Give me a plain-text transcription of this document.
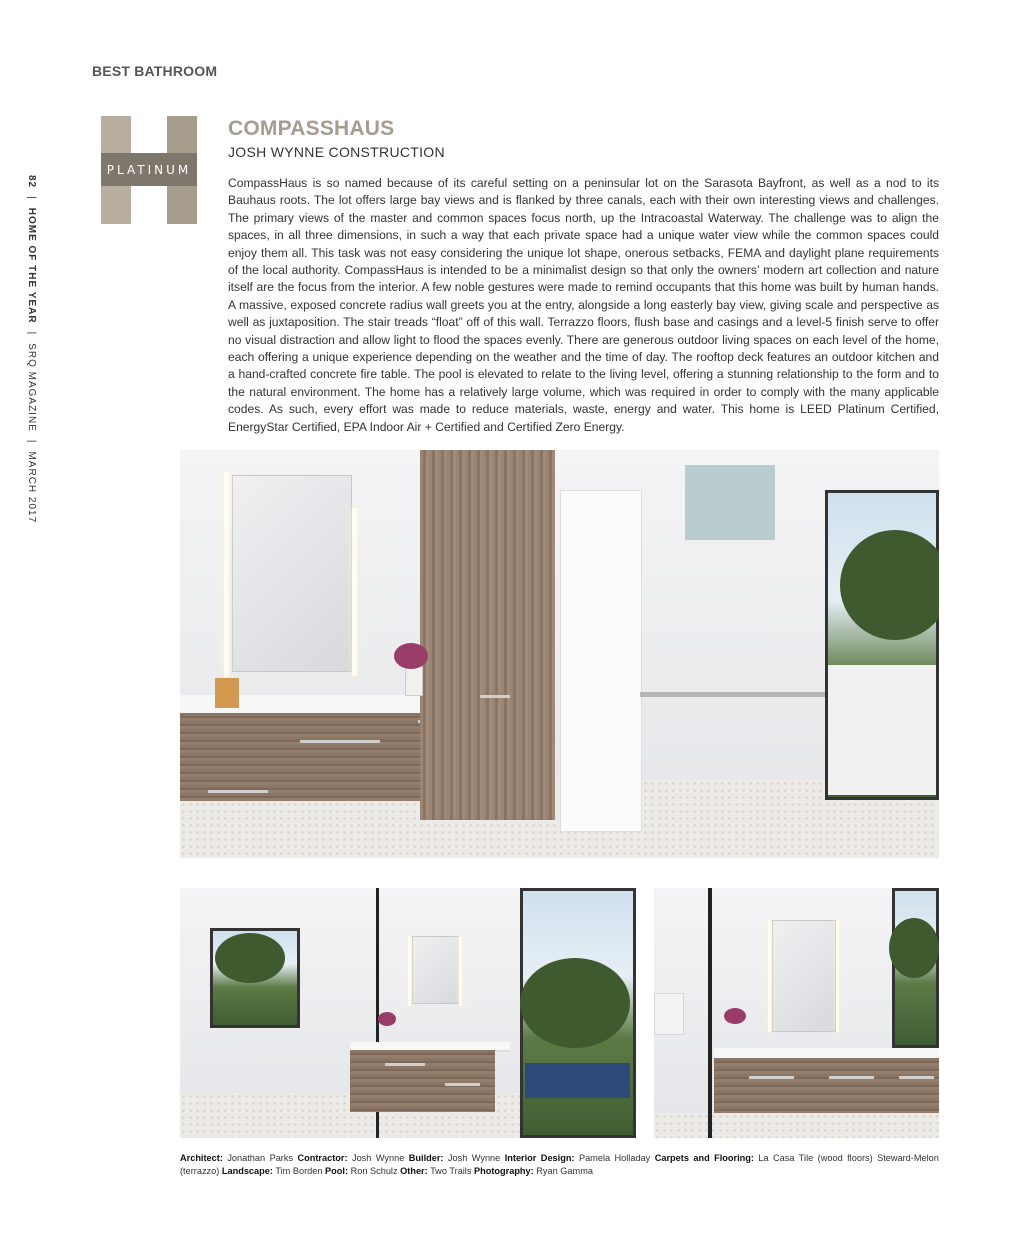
BEST BATHROOM
PLATINUM
82|HOME OF THE YEAR|SRQ MAGAZINE|MARCH 2017
COMPASSHAUS
JOSH WYNNE CONSTRUCTION
CompassHaus is so named because of its careful setting on a peninsular lot on the Sarasota Bayfront, as well as a nod to its Bauhaus roots. The lot offers large bay views and is flanked by three canals, each with their own interesting views and challenges. The primary views of the master and common spaces focus north, up the Intracoastal Waterway. The challenge was to align the spaces, in all three dimensions, in such a way that each private space had a unique water view while the common spaces could enjoy them all. This task was not easy considering the unique lot shape, onerous setbacks, FEMA and daylight plane requirements of the local authority. CompassHaus is intended to be a minimalist design so that only the owners’ modern art collection and nature itself are the focus from the interior. A few noble gestures were made to remind occupants that this home was built by human hands. A massive, exposed concrete radius wall greets you at the entry, alongside a long easterly bay view, giving scale and perspective as well as juxtaposition. The stair treads “float” off of this wall. Terrazzo floors, flush base and casings and a level-5 finish serve to offer no visual distraction and allow light to flood the spaces evenly. There are generous outdoor living spaces on each level of the home, each offering a unique experience depending on the weather and the time of day. The rooftop deck features an outdoor kitchen and a hand-crafted concrete fire table. The pool is elevated to relate to the living level, offering a stunning relationship to the form and to the natural environment. The home has a relatively large volume, which was required in order to comply with the many applicable codes. As such, every effort was made to reduce materials, waste, energy and water. This home is LEED Platinum Certified, EnergyStar Certified, EPA Indoor Air + Certified and Certified Zero Energy.
Architect: Jonathan Parks Contractor: Josh Wynne Builder: Josh Wynne Interior Design: Pamela Holladay Carpets and Flooring: La Casa Tile (wood floors) Steward-Melon (terrazzo) Landscape: Tim Borden Pool: Ron Schulz Other: Two Trails Photography: Ryan Gamma
